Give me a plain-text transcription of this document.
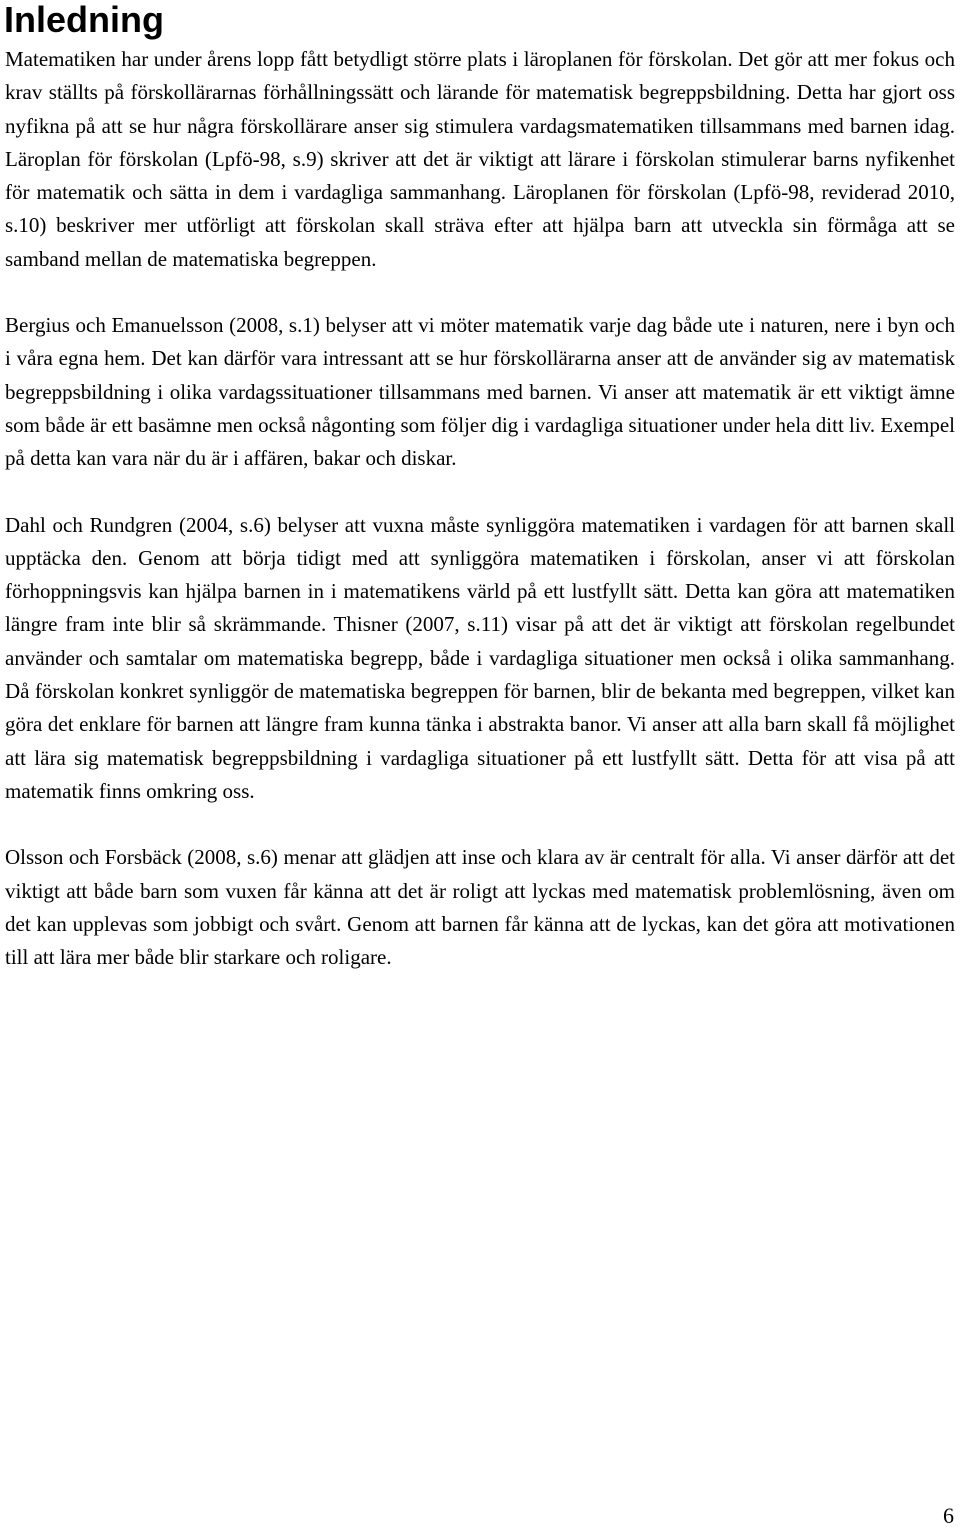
Inledning

Matematiken har under årens lopp fått betydligt större plats i läroplanen för förskolan. Det gör att mer fokus och krav ställts på förskollärarnas förhållningssätt och lärande för matematisk begreppsbildning. Detta har gjort oss nyfikna på att se hur några förskollärare anser sig stimulera vardagsmatematiken tillsammans med barnen idag. Läroplan för förskolan (Lpfö-98, s.9) skriver att det är viktigt att lärare i förskolan stimulerar barns nyfikenhet för matematik och sätta in dem i vardagliga sammanhang. Läroplanen för förskolan (Lpfö-98, reviderad 2010, s.10) beskriver mer utförligt att förskolan skall sträva efter att hjälpa barn att utveckla sin förmåga att se samband mellan de matematiska begreppen.

Bergius och Emanuelsson (2008, s.1) belyser att vi möter matematik varje dag både ute i naturen, nere i byn och i våra egna hem. Det kan därför vara intressant att se hur förskollärarna anser att de använder sig av matematisk begreppsbildning i olika vardagssituationer tillsammans med barnen. Vi anser att matematik är ett viktigt ämne som både är ett basämne men också någonting som följer dig i vardagliga situationer under hela ditt liv. Exempel på detta kan vara när du är i affären, bakar och diskar.

Dahl och Rundgren (2004, s.6) belyser att vuxna måste synliggöra matematiken i vardagen för att barnen skall upptäcka den. Genom att börja tidigt med att synliggöra matematiken i förskolan, anser vi att förskolan förhoppningsvis kan hjälpa barnen in i matematikens värld på ett lustfyllt sätt. Detta kan göra att matematiken längre fram inte blir så skrämmande. Thisner (2007, s.11) visar på att det är viktigt att förskolan regelbundet använder och samtalar om matematiska begrepp, både i vardagliga situationer men också i olika sammanhang. Då förskolan konkret synliggör de matematiska begreppen för barnen, blir de bekanta med begreppen, vilket kan göra det enklare för barnen att längre fram kunna tänka i abstrakta banor. Vi anser att alla barn skall få möjlighet att lära sig matematisk begreppsbildning i vardagliga situationer på ett lustfyllt sätt. Detta för att visa på att matematik finns omkring oss.

Olsson och Forsbäck (2008, s.6) menar att glädjen att inse och klara av är centralt för alla. Vi anser därför att det viktigt att både barn som vuxen får känna att det är roligt att lyckas med matematisk problemlösning, även om det kan upplevas som jobbigt och svårt. Genom att barnen får känna att de lyckas, kan det göra att motivationen till att lära mer både blir starkare och roligare.

6
